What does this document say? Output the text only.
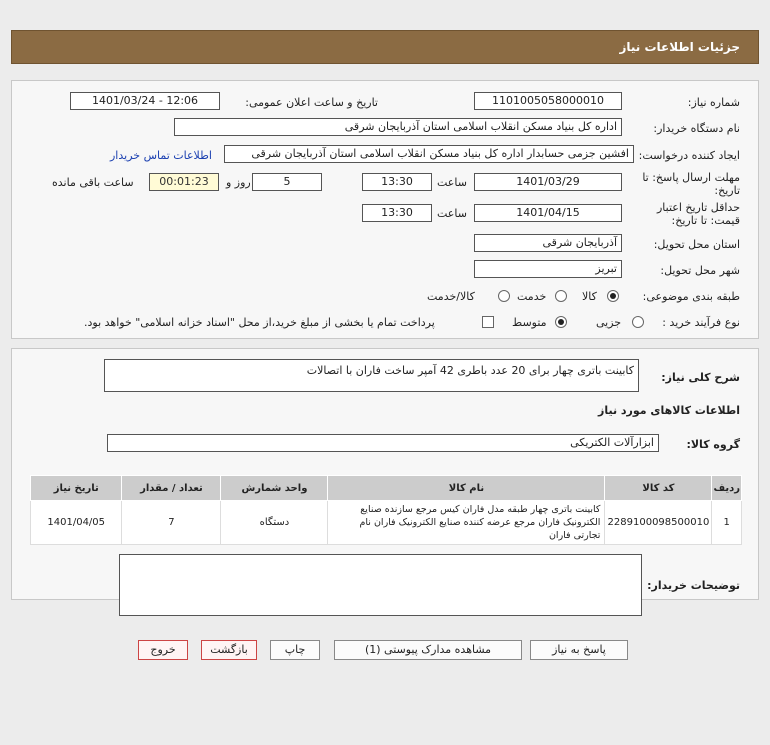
جزئیات اطلاعات نیاز
شماره نیاز:
1101005058000010
تاریخ و ساعت اعلان عمومی:
1401/03/24 - 12:06
نام دستگاه خریدار:
اداره کل بنیاد مسکن انقلاب اسلامی استان آذربایجان شرقی
ایجاد کننده درخواست:
افشین جزمی حسابدار اداره کل بنیاد مسکن انقلاب اسلامی استان آذربایجان شرقی
اطلاعات تماس خریدار
مهلت ارسال پاسخ: تا
تاریخ:
1401/03/29
ساعت
13:30
5
روز و
00:01:23
ساعت باقی مانده
حداقل تاریخ اعتبار
قیمت: تا تاریخ:
1401/04/15
ساعت
13:30
استان محل تحویل:
آذربایجان شرقی
شهر محل تحویل:
تبریز
طبقه بندی موضوعی:
کالا
خدمت
کالا/خدمت
نوع فرآیند خرید :
جزیی
متوسط
پرداخت تمام یا بخشی از مبلغ خرید،از محل "اسناد خزانه اسلامی" خواهد بود.
شرح کلی نیاز:
کابینت باتری چهار برای 20 عدد باطری 42 آمپر ساخت فاران با اتصالات
اطلاعات کالاهای مورد نیاز
گروه کالا:
ابزارآلات الکتریکی
ردیف	کد کالا	نام کالا	واحد شمارش	تعداد / مقدار	تاریخ نیاز
1	2289100098500010	کابینت باتری چهار طبقه مدل فاران کیس مرجع سازنده صنایع الکترونیک فاران مرجع عرضه کننده صنایع الکترونیک فاران نام تجارتی فاران	دستگاه	7	1401/04/05
توضیحات خریدار:
پاسخ به نیاز
مشاهده مدارک پیوستی (1)
چاپ
بازگشت
خروج
